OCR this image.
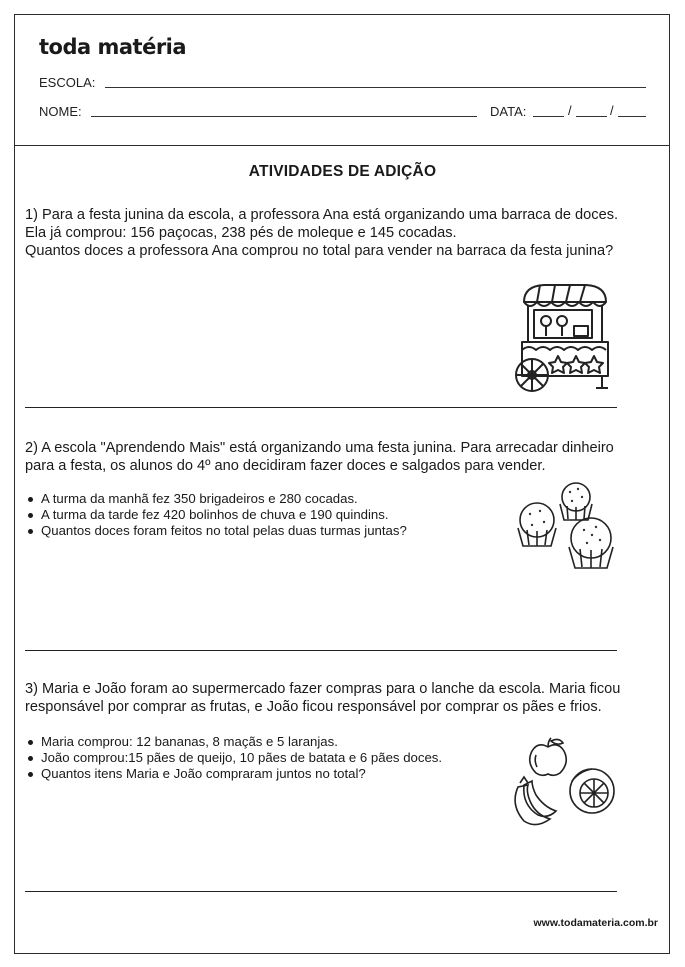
toda matéria
ESCOLA:
NOME:	DATA:	/	/
ATIVIDADES DE ADIÇÃO
1) Para a festa junina da escola, a professora Ana está organizando uma barraca de doces. Ela já comprou: 156 paçocas, 238 pés de moleque e 145 cocadas.
Quantos doces a professora Ana comprou no total para vender na barraca da festa junina?
2) A escola "Aprendendo Mais" está organizando uma festa junina. Para arrecadar dinheiro para a festa, os alunos do 4º ano decidiram fazer doces e salgados para vender.
A turma da manhã fez 350 brigadeiros e 280 cocadas.
A turma da tarde fez 420 bolinhos de chuva e 190 quindins.
Quantos doces foram feitos no total pelas duas turmas juntas?
3) Maria e João foram ao supermercado fazer compras para o lanche da escola. Maria ficou responsável por comprar as frutas, e João ficou responsável por comprar os pães e frios.
Maria comprou: 12 bananas, 8 maçãs e 5 laranjas.
João comprou:15 pães de queijo, 10 pães de batata e 6 pães doces.
Quantos itens Maria e João compraram juntos no total?
www.todamateria.com.br
